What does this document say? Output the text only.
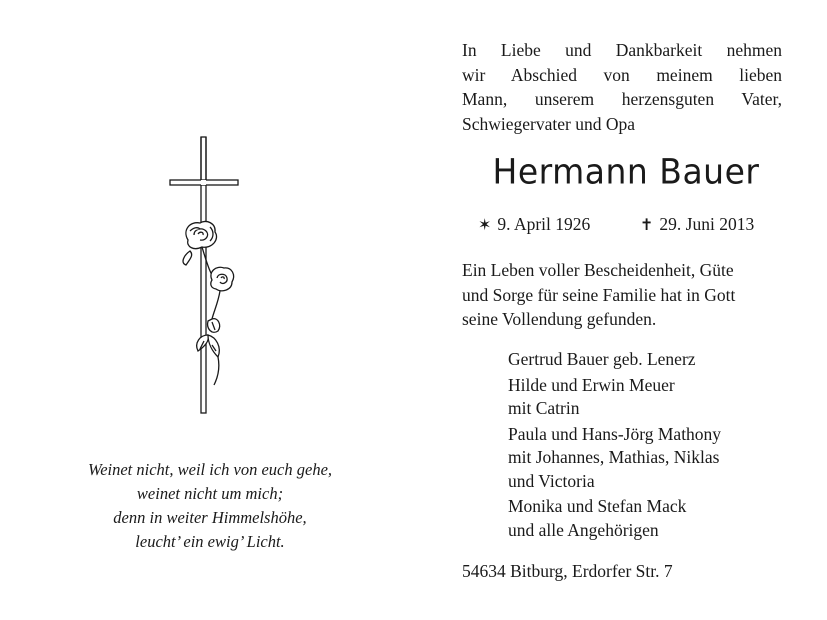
Weinet nicht, weil ich von euch gehe,
weinet nicht um mich;
denn in weiter Himmelshöhe,
leucht’ ein ewig’ Licht.
In Liebe und Dankbarkeit nehmen
wir Abschied von meinem lieben
Mann, unserem herzensguten Vater,
Schwiegervater und Opa
Hermann Bauer
✶ 9. April 1926	✝ 29. Juni 2013
Ein Leben voller Bescheidenheit, Güte
und Sorge für seine Familie hat in Gott
seine Vollendung gefunden.
Gertrud Bauer geb. Lenerz
Hilde und Erwin Meuer
mit Catrin
Paula und Hans-Jörg Mathony
mit Johannes, Mathias, Niklas
und Victoria
Monika und Stefan Mack
und alle Angehörigen
54634 Bitburg, Erdorfer Str. 7
